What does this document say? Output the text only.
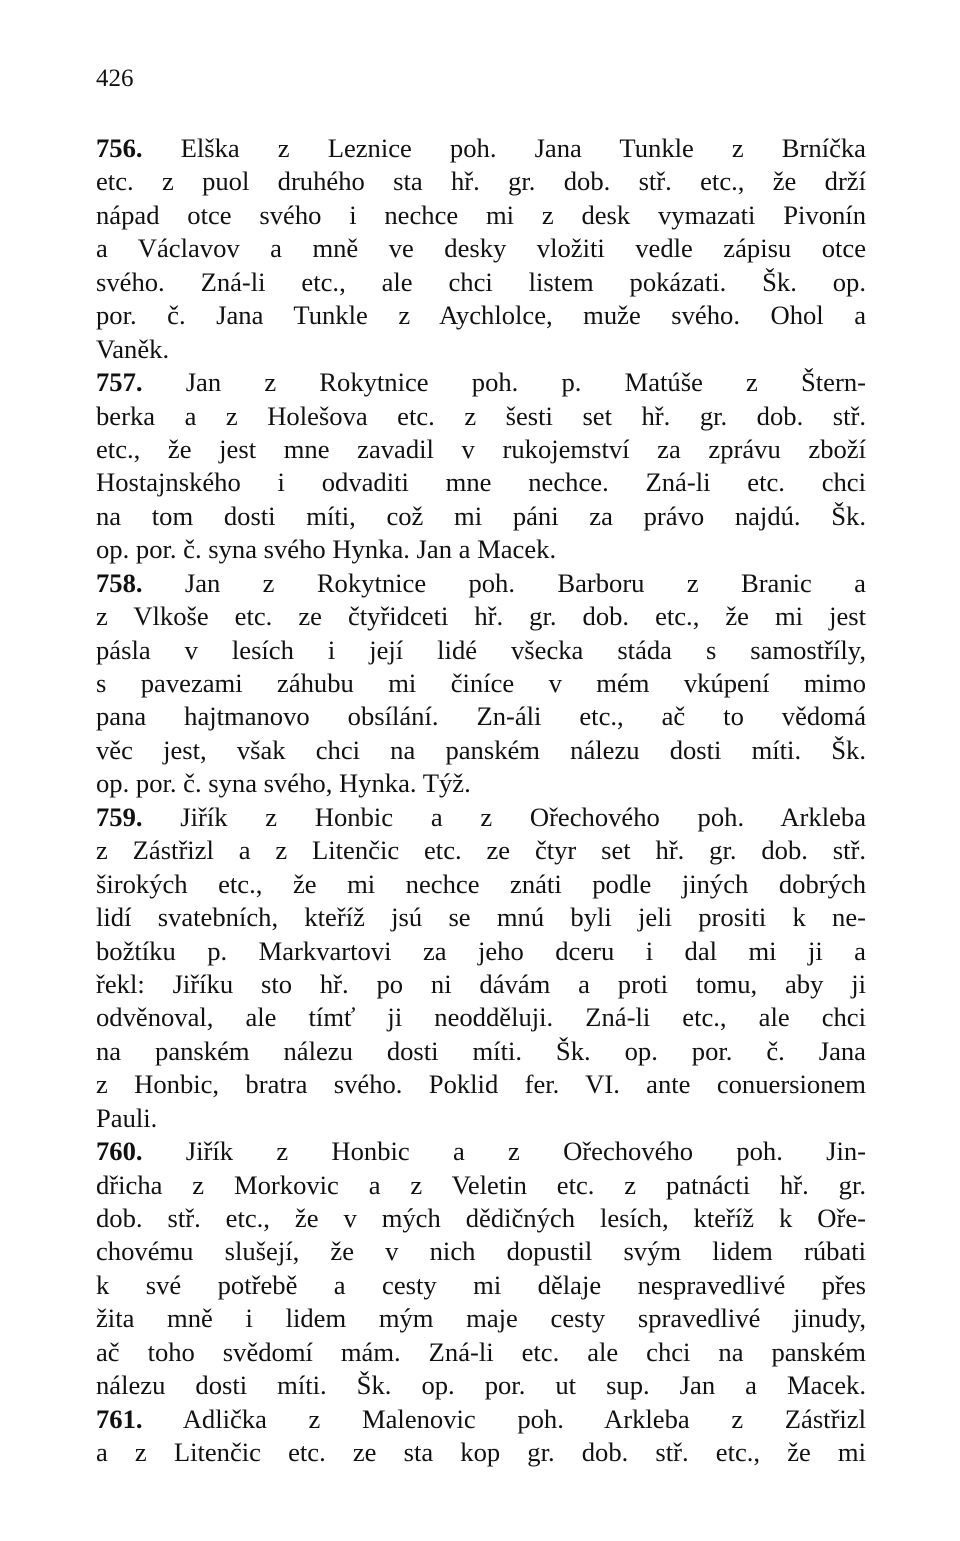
426
756. Elška z Leznice poh. Jana Tunkle z Brníčka
etc. z puol druhého sta hř. gr. dob. stř. etc., že drží
nápad otce svého i nechce mi z desk vymazati Pivonín
a Václavov a mně ve desky vložiti vedle zápisu otce
svého. Zná-li etc., ale chci listem pokázati. Šk. op.
por. č. Jana Tunkle z Aychlolce, muže svého. Ohol a
Vaněk.
757. Jan z Rokytnice poh. p. Matúše z Štern-
berka a z Holešova etc. z šesti set hř. gr. dob. stř.
etc., že jest mne zavadil v rukojemství za zprávu zboží
Hostajnského i odvaditi mne nechce. Zná-li etc. chci
na tom dosti míti, což mi páni za právo najdú. Šk.
op. por. č. syna svého Hynka. Jan a Macek.
758. Jan z Rokytnice poh. Barboru z Branic a
z Vlkoše etc. ze čtyřidceti hř. gr. dob. etc., že mi jest
pásla v lesích i její lidé všecka stáda s samostříly,
s pavezami záhubu mi činíce v mém vkúpení mimo
pana hajtmanovo obsílání. Zn-áli etc., ač to vědomá
věc jest, však chci na panském nálezu dosti míti. Šk.
op. por. č. syna svého, Hynka. Týž.
759. Jiřík z Honbic a z Ořechového poh. Arkleba
z Zástřizl a z Litenčic etc. ze čtyr set hř. gr. dob. stř.
širokých etc., že mi nechce znáti podle jiných dobrých
lidí svatebních, kteříž jsú se mnú byli jeli prositi k ne-
božtíku p. Markvartovi za jeho dceru i dal mi ji a
řekl: Jiříku sto hř. po ni dávám a proti tomu, aby ji
odvěnoval, ale tímť ji neodděluji. Zná-li etc., ale chci
na panském nálezu dosti míti. Šk. op. por. č. Jana
z Honbic, bratra svého. Poklid fer. VI. ante conuersionem
Pauli.
760. Jiřík z Honbic a z Ořechového poh. Jin-
dřicha z Morkovic a z Veletin etc. z patnácti hř. gr.
dob. stř. etc., že v mých dědičných lesích, kteříž k Oře-
chovému slušejí, že v nich dopustil svým lidem rúbati
k své potřebě a cesty mi dělaje nespravedlivé přes
žita mně i lidem mým maje cesty spravedlivé jinudy,
ač toho svědomí mám. Zná-li etc. ale chci na panském
nálezu dosti míti. Šk. op. por. ut sup. Jan a Macek.
761. Adlička z Malenovic poh. Arkleba z Zástřizl
a z Litenčic etc. ze sta kop gr. dob. stř. etc., že mi
